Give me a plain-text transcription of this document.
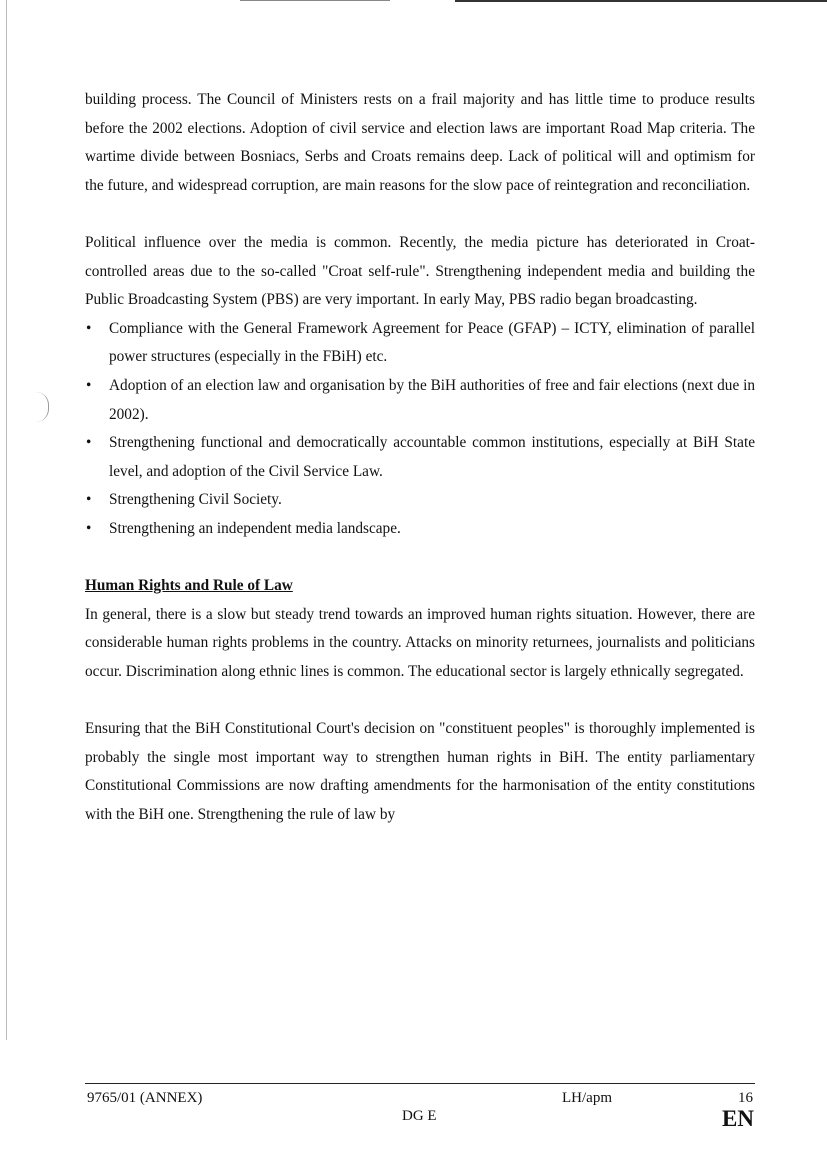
building process. The Council of Ministers rests on a frail majority and has little time to produce results before the 2002 elections. Adoption of civil service and election laws are important Road Map criteria. The wartime divide between Bosniacs, Serbs and Croats remains deep. Lack of political will and optimism for the future, and widespread corruption, are main reasons for the slow pace of reintegration and reconciliation.

Political influence over the media is common. Recently, the media picture has deteriorated in Croat-controlled areas due to the so-called "Croat self-rule". Strengthening independent media and building the Public Broadcasting System (PBS) are very important. In early May, PBS radio began broadcasting.

• Compliance with the General Framework Agreement for Peace (GFAP) – ICTY, elimination of parallel power structures (especially in the FBiH) etc.
• Adoption of an election law and organisation by the BiH authorities of free and fair elections (next due in 2002).
• Strengthening functional and democratically accountable common institutions, especially at BiH State level, and adoption of the Civil Service Law.
• Strengthening Civil Society.
• Strengthening an independent media landscape.

Human Rights and Rule of Law

In general, there is a slow but steady trend towards an improved human rights situation. However, there are considerable human rights problems in the country. Attacks on minority returnees, journalists and politicians occur. Discrimination along ethnic lines is common. The educational sector is largely ethnically segregated.

Ensuring that the BiH Constitutional Court's decision on "constituent peoples" is thoroughly implemented is probably the single most important way to strengthen human rights in BiH. The entity parliamentary Constitutional Commissions are now drafting amendments for the harmonisation of the entity constitutions with the BiH one. Strengthening the rule of law by

9765/01 (ANNEX)	LH/apm	16
DG E	EN
